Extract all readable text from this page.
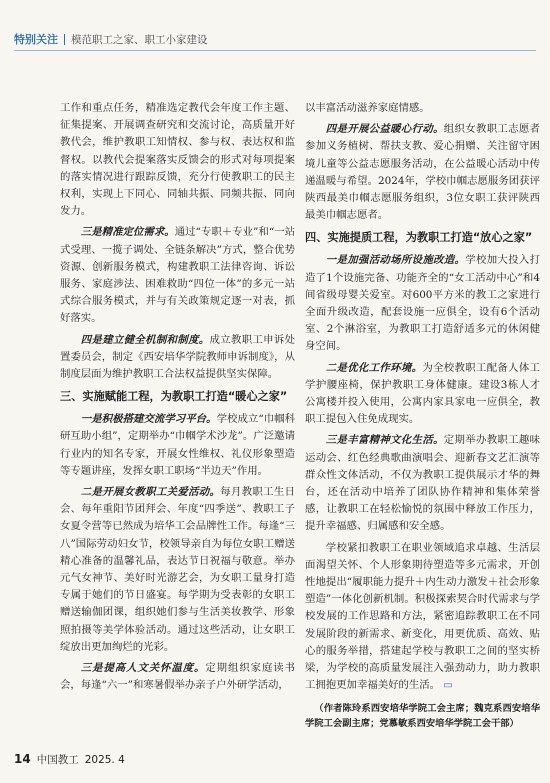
特别关注 模范职工之家、职工小家建设

工作和重点任务，精准选定教代会年度工作主题、征集提案、开展调查研究和交流讨论，高质量开好教代会，维护教职工知情权、参与权、表达权和监督权。以教代会提案落实反馈会的形式对每项提案的落实情况进行跟踪反馈，充分行使教职工的民主权利，实现上下同心、同轴共振、同频共振、同向发力。

三是精准定位需求。通过“专职＋专业”和“一站式受理、一揽子调处、全链条解决”方式，整合优势资源、创新服务模式，构建教职工法律咨询、诉讼服务、家庭涉法、困难救助“四位一体”的多元一站式综合服务模式，并与有关政策规定逐一对表，抓好落实。

四是建立健全机制和制度。成立教职工申诉处置委员会，制定《西安培华学院教师申诉制度》，从制度层面为维护教职工合法权益提供坚实保障。

三、实施赋能工程，为教职工打造“暖心之家”

一是积极搭建交流学习平台。学校成立“巾帼科研互助小组”，定期举办“巾帼学术沙龙”。广泛邀请行业内的知名专家，开展女性维权、礼仪形象塑造等专题讲座，发挥女职工职场“半边天”作用。

二是开展女教职工关爱活动。每月教职工生日会、每年重阳节团拜会、年度“四季送”、教职工子女夏令营等已然成为培华工会品牌性工作。每逢“三八”国际劳动妇女节，校领导亲自为每位女职工赠送精心准备的温馨礼品，表达节日祝福与敬意。举办元气女神节、美好时光游艺会，为女职工量身打造专属于她们的节日盛宴。每学期为受表彰的女职工赠送输伽团课，组织她们参与生活美妆教学、形象照拍摄等美学体验活动。通过这些活动，让女职工绽放出更加绚烂的光彩。

三是提高人文关怀温度。定期组织家庭读书会，每逢“六一”和寒暑假举办亲子户外研学活动，

以丰富活动滋养家庭情感。

四是开展公益暖心行动。组织女教职工志愿者参加义务植树、帮扶支教、爱心捐赠、关注留守困境儿童等公益志愿服务活动，在公益暖心活动中传递温暖与希望。2024年，学校巾帼志愿服务团获评陕西最美巾帼志愿服务组织，3位女职工获评陕西最美巾帼志愿者。

四、实施提质工程，为教职工打造“放心之家”

一是加强活动场所设施改造。学校加大投入打造了1个设施完备、功能齐全的“女工活动中心”和4间省级母婴关爱室。对600平方米的教工之家进行全面升级改造，配套设施一应俱全，设有6个活动室、2个淋浴室，为教职工打造舒适多元的休闲健身空间。

二是优化工作环境。为全校教职工配备人体工学护腰座椅，保护教职工身体健康。建设3栋人才公寓楼并投入使用，公寓内家具家电一应俱全，教职工提包入住免成现实。

三是丰富精神文化生活。定期举办教职工趣味运动会、红色经典歌曲演唱会、迎新春文艺汇演等群众性文体活动，不仅为教职工提供展示才华的舞台，还在活动中培养了团队协作精神和集体荣誉感，让教职工在轻松愉悦的氛围中释放工作压力，提升幸福感、归属感和安全感。

学校紧扣教职工在职业领域追求卓越、生活层面渴望关怀、个人形象期待塑造等多元需求，开创性地提出“履职能力提升＋内生动力激发＋社会形象塑造”一体化创新机制。积极探索契合时代需求与学校发展的工作思路和方法，紧密追踪教职工在不同发展阶段的新需求、新变化，用更优质、高效、贴心的服务举措，搭建起学校与教职工之间的坚实桥梁，为学校的高质量发展注入强劲动力，助力教职工拥抱更加幸福美好的生活。 ▭

（作者陈玲系西安培华学院工会主席；魏克系西安培华学院工会副主席；党慕敏系西安培华学院工会干部）

14 中国教工 2025. 4
